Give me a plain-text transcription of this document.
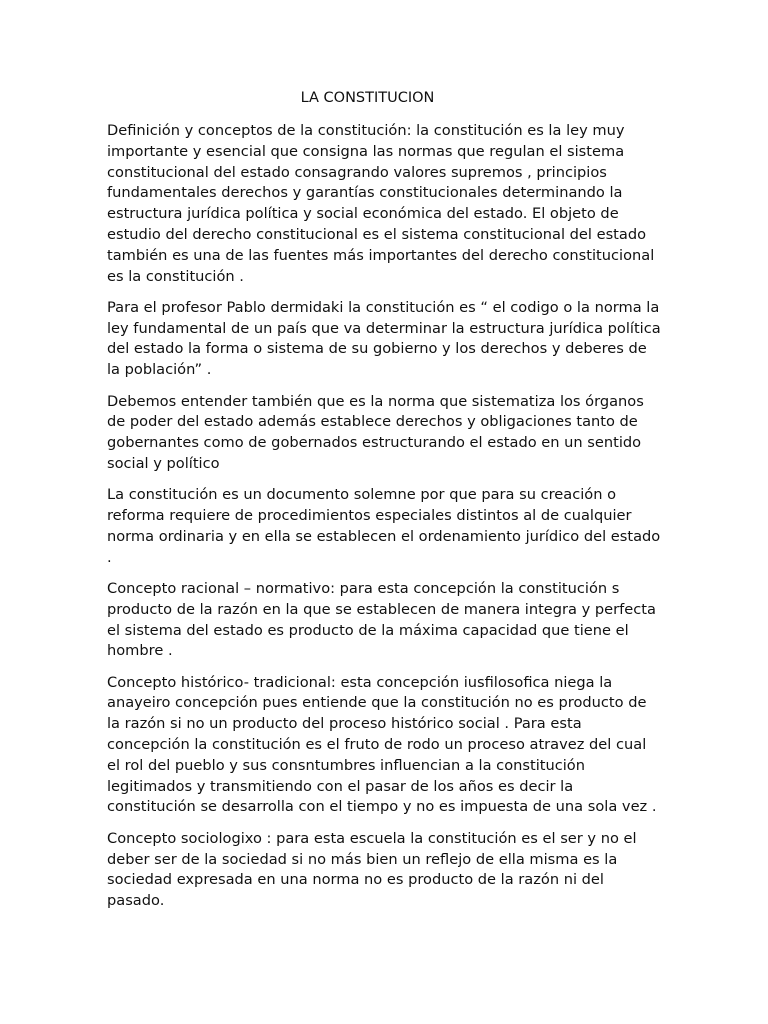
LA CONSTITUCION

Definición y conceptos de la constitución: la constitución es la ley muy importante y esencial que consigna las normas que regulan el sistema constitucional del estado consagrando valores supremos , principios fundamentales derechos y garantías constitucionales determinando la estructura jurídica política y social económica del estado. El objeto de estudio del derecho constitucional es el sistema constitucional del estado también es una de las fuentes más importantes del derecho constitucional es la constitución .

Para el profesor Pablo dermidaki la constitución es “ el codigo o la norma la ley fundamental de un país que va determinar la estructura jurídica política del estado la forma o sistema de su gobierno y los derechos y deberes de la población” .

Debemos entender también que es la norma que sistematiza los órganos de poder del estado además establece derechos y obligaciones tanto de gobernantes como de gobernados estructurando el estado en un sentido social y político

La constitución es un documento solemne por que para su creación o reforma requiere de procedimientos especiales distintos al de cualquier norma ordinaria y en ella se establecen el ordenamiento jurídico del estado .

Concepto racional – normativo: para esta concepción la constitución s producto de la razón en la que se establecen de manera integra y perfecta el sistema del estado es producto de la máxima capacidad que tiene el hombre .

Concepto histórico- tradicional: esta concepción iusfilosofica niega la anayeiro concepción pues entiende que la constitución no es producto de la razón si no un producto del proceso histórico social . Para esta concepción la constitución es el fruto de rodo un proceso atravez del cual el rol del pueblo y sus consntumbres influencian a la constitución legitimados y transmitiendo con el pasar de los años es decir la constitución se desarrolla con el tiempo y no es impuesta de una sola vez .

Concepto sociologixo : para esta escuela la constitución es el ser y no el deber ser de la sociedad si no más bien un reflejo de ella misma es la sociedad expresada en una norma no es producto de la razón ni del pasado.
